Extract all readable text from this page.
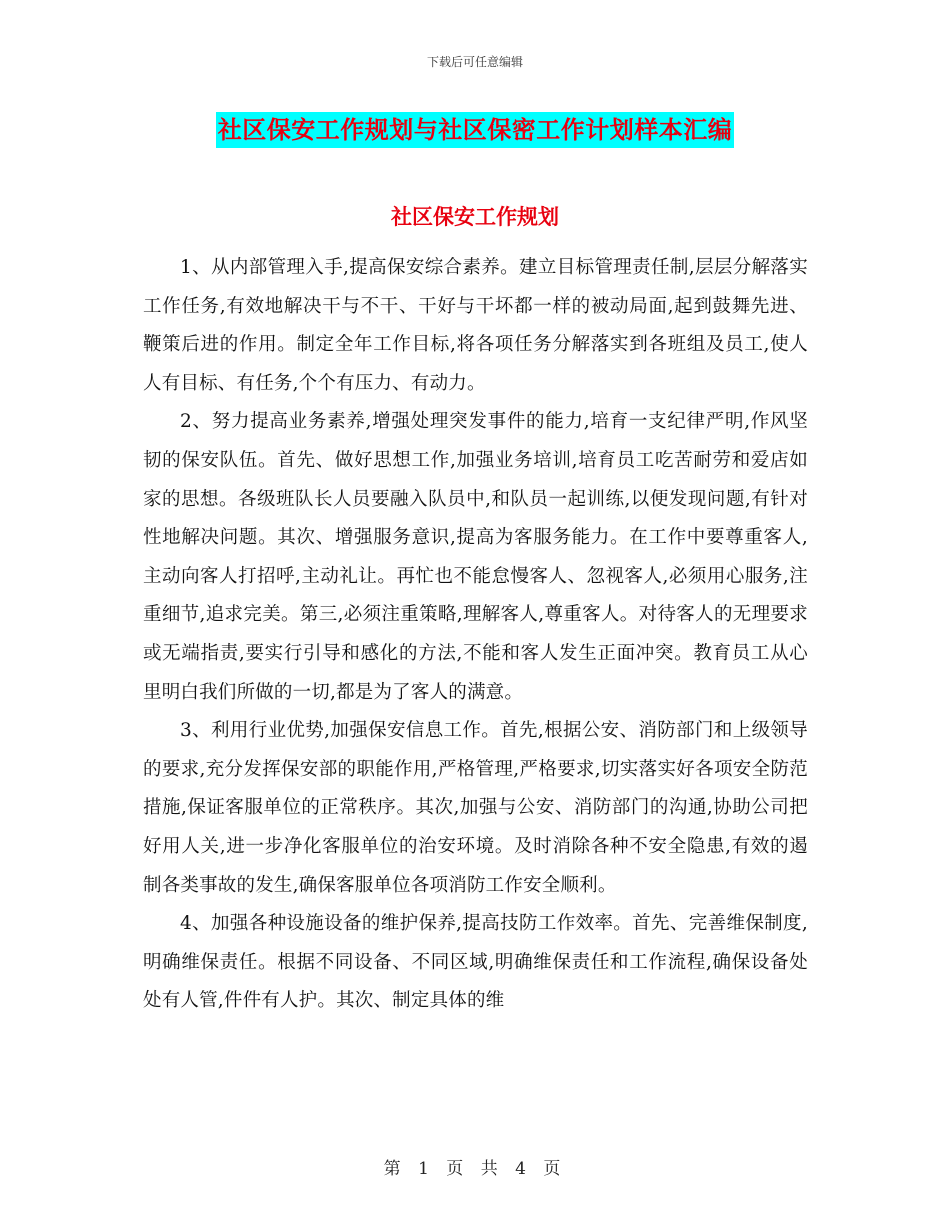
下载后可任意编辑
社区保安工作规划与社区保密工作计划样本汇编
社区保安工作规划

1、从内部管理入手,提高保安综合素养。建立目标管理责任制,层层分解落实工作任务,有效地解决干与不干、干好与干坏都一样的被动局面,起到鼓舞先进、鞭策后进的作用。制定全年工作目标,将各项任务分解落实到各班组及员工,使人人有目标、有任务,个个有压力、有动力。

2、努力提高业务素养,增强处理突发事件的能力,培育一支纪律严明,作风坚韧的保安队伍。首先、做好思想工作,加强业务培训,培育员工吃苦耐劳和爱店如家的思想。各级班队长人员要融入队员中,和队员一起训练,以便发现问题,有针对性地解决问题。其次、增强服务意识,提高为客服务能力。在工作中要尊重客人,主动向客人打招呼,主动礼让。再忙也不能怠慢客人、忽视客人,必须用心服务,注重细节,追求完美。第三,必须注重策略,理解客人,尊重客人。对待客人的无理要求或无端指责,要实行引导和感化的方法,不能和客人发生正面冲突。教育员工从心里明白我们所做的一切,都是为了客人的满意。

3、利用行业优势,加强保安信息工作。首先,根据公安、消防部门和上级领导的要求,充分发挥保安部的职能作用,严格管理,严格要求,切实落实好各项安全防范措施,保证客服单位的正常秩序。其次,加强与公安、消防部门的沟通,协助公司把好用人关,进一步净化客服单位的治安环境。及时消除各种不安全隐患,有效的遏制各类事故的发生,确保客服单位各项消防工作安全顺利。

4、加强各种设施设备的维护保养,提高技防工作效率。首先、完善维保制度,明确维保责任。根据不同设备、不同区域,明确维保责任和工作流程,确保设备处处有人管,件件有人护。其次、制定具体的维

第 1 页 共 4 页
